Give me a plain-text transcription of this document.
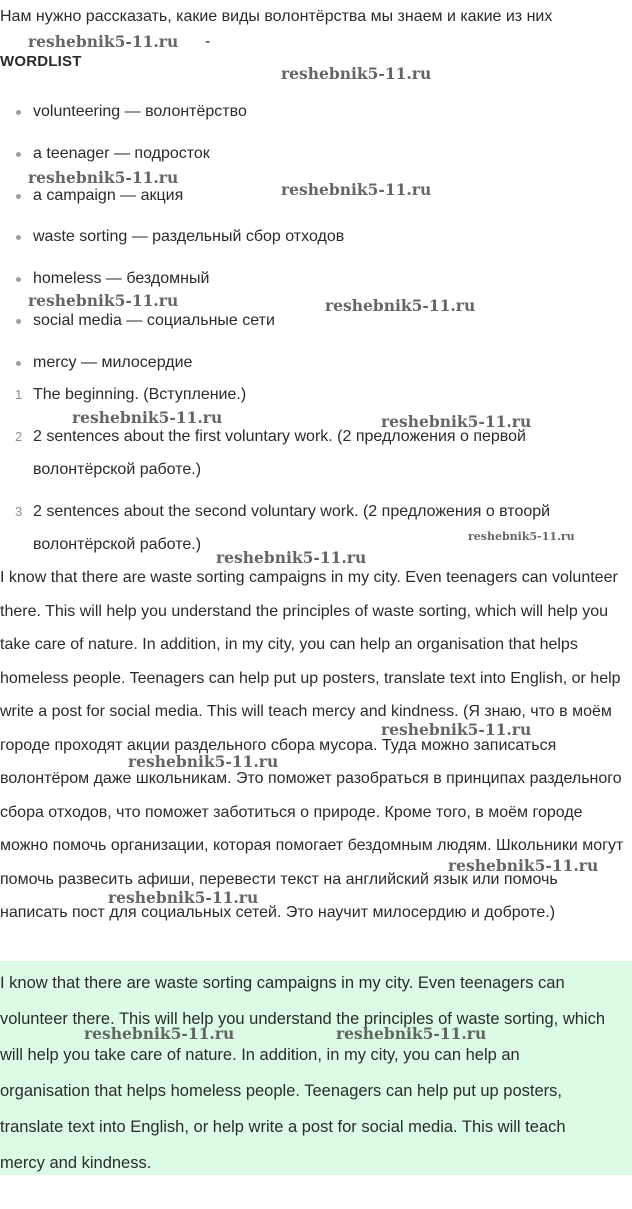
Нам нужно рассказать, какие виды волонтёрства мы знаем и какие из них
-
WORDLIST
volunteering — волонтёрство
a teenager — подросток
a campaign — акция
waste sorting — раздельный сбор отходов
homeless — бездомный
social media — социальные сети
mercy — милосердие
1 The beginning. (Вступление.)
2 2 sentences about the first voluntary work. (2 предложения о первой волонтёрской работе.)
3 2 sentences about the second voluntary work. (2 предложения о втоорй волонтёрской работе.)
I know that there are waste sorting campaigns in my city. Even teenagers can volunteer there. This will help you understand the principles of waste sorting, which will help you take care of nature. In addition, in my city, you can help an organisation that helps homeless people. Teenagers can help put up posters, translate text into English, or help write a post for social media. This will teach mercy and kindness. (Я знаю, что в моём городе проходят акции раздельного сбора мусора. Туда можно записаться волонтёром даже школьникам. Это поможет разобраться в принципах раздельного сбора отходов, что поможет заботиться о природе. Кроме того, в моём городе можно помочь организации, которая помогает бездомным людям. Школьники могут помочь развесить афиши, перевести текст на английский язык или помочь написать пост для социальных сетей. Это научит милосердию и доброте.)
I know that there are waste sorting campaigns in my city. Even teenagers can volunteer there. This will help you understand the principles of waste sorting, which will help you take care of nature. In addition, in my city, you can help an organisation that helps homeless people. Teenagers can help put up posters, translate text into English, or help write a post for social media. This will teach mercy and kindness.
reshebnik5-11.ru
reshebnik5-11.ru
reshebnik5-11.ru
reshebnik5-11.ru
reshebnik5-11.ru	reshebnik5-11.ru
reshebnik5-11.ru	reshebnik5-11.ru
reshebnik5-11.ru
reshebnik5-11.ru
reshebnik5-11.ru
reshebnik5-11.ru
reshebnik5-11.ru
reshebnik5-11.ru
reshebnik5-11.ru	reshebnik5-11.ru
